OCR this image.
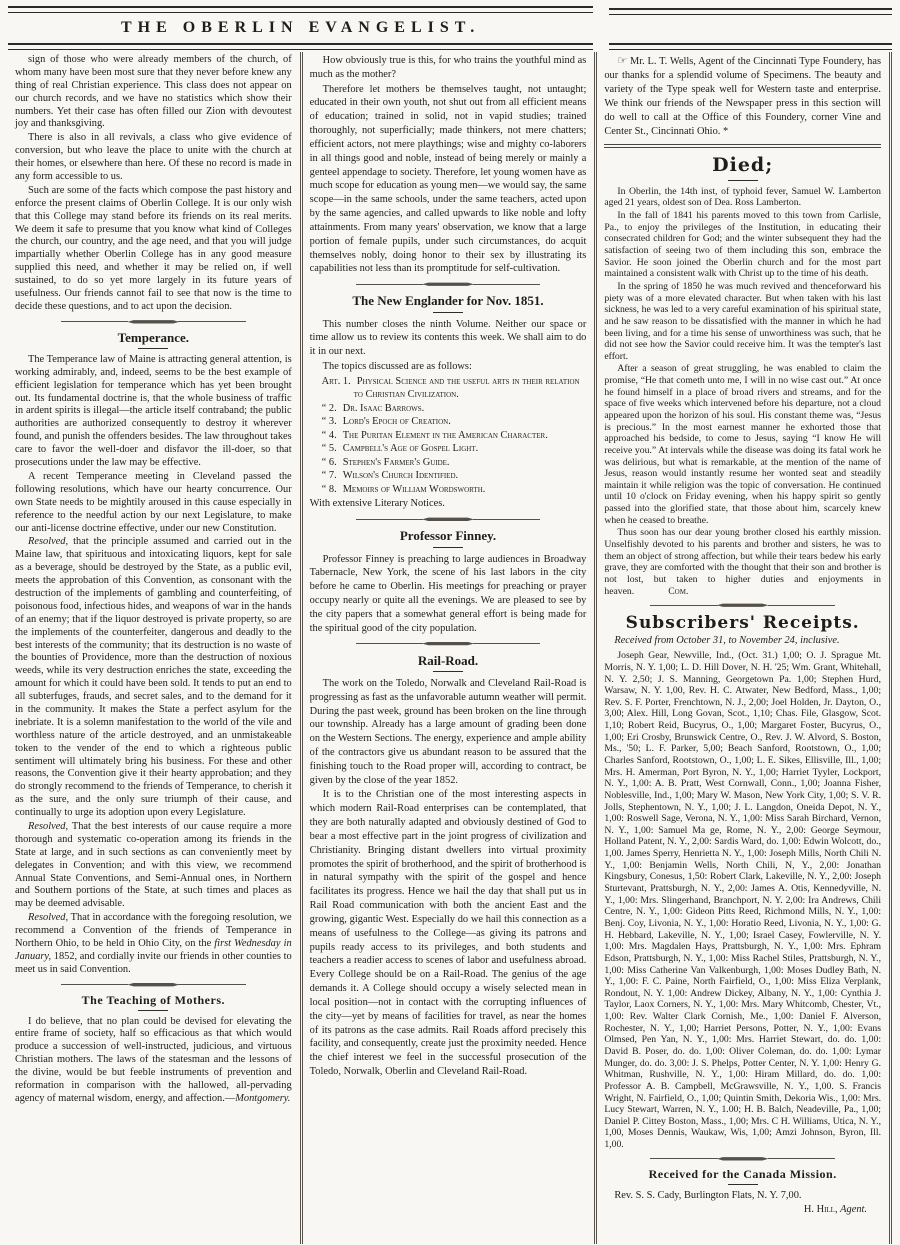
THE OBERLIN EVANGELIST.

sign of those who were already members of the church, of whom many have been most sure that they never before knew any thing of real Christian experience. This class does not appear on our church records, and we have no statistics which show their numbers. Yet their case has often filled our Zion with devoutest joy and thanksgiving.

There is also in all revivals, a class who give evidence of conversion, but who leave the place to unite with the church at their homes, or elsewhere than here. Of these no record is made in any form accessible to us.

Such are some of the facts which compose the past history and enforce the present claims of Oberlin College. It is our only wish that this College may stand before its friends on its real merits. We deem it safe to presume that you know what kind of Colleges the church, our country, and the age need, and that you will judge impartially whether Oberlin College has in any good measure supplied this need, and whether it may be relied on, if well sustained, to do so yet more largely in its future years of usefulness. Our friends cannot fail to see that now is the time to decide these questions, and to act upon the decision.

Temperance.

The Temperance law of Maine is attracting general attention, is working admirably, and, indeed, seems to be the best example of efficient legislation for temperance which has yet been brought out. Its fundamental doctrine is, that the whole business of traffic in ardent spirits is illegal—the article itself contraband; the public authorities are authorized consequently to destroy it wherever found, and punish the offenders besides. The law throughout takes care to favor the well-doer and disfavor the ill-doer, so that prosecutions under the law may be effective.

A recent Temperance meeting in Cleveland passed the following resolutions, which have our hearty concurrence. Our own State needs to be mightily aroused in this cause especially in reference to the needful action by our next Legislature, to make our anti-license doctrine effective, under our new Constitution.

Resolved, that the principle assumed and carried out in the Maine law, that spirituous and intoxicating liquors, kept for sale as a beverage, should be destroyed by the State, as a public evil, meets the approbation of this Convention, as consonant with the destruction of the implements of gambling and counterfeiting, of poisonous food, infectious hides, and weapons of war in the hands of an enemy; that if the liquor destroyed is private property, so are the implements of the counterfeiter, dangerous and deadly to the best interests of the community; that its destruction is no waste of the bounties of Providence, more than the destruction of noxious weeds, while its very destruction enriches the state, exceeding the amount for which it could have been sold. It tends to put an end to all subterfuges, frauds, and secret sales, and to the demand for it in the community. It makes the State a perfect asylum for the inebriate. It is a solemn manifestation to the world of the vile and worthless nature of the article destroyed, and an unmistakeable token to the vender of the end to which a righteous public sentiment will ultimately bring his business. For these and other reasons, the Convention give it their hearty approbation; and they do strongly recommend to the friends of Temperance, to cherish it as the sure, and the only sure triumph of their cause, and continually to urge its adoption upon every Legislature.

Resolved, That the best interests of our cause require a more thorough and systematic co-operation among its friends in the State at large, and in such sections as can conveniently meet by delegates in Convention; and with this view, we recommend Annual State Conventions, and Semi-Annual ones, in Northern and Southern portions of the State, at such times and places as may be deemed advisable.

Resolved, That in accordance with the foregoing resolution, we recommend a Convention of the friends of Temperance in Northern Ohio, to be held in Ohio City, on the first Wednesday in January, 1852, and cordially invite our friends in other counties to meet us in said Convention.

The Teaching of Mothers.

I do believe, that no plan could be devised for elevating the entire frame of society, half so efficacious as that which would produce a succession of well-instructed, judicious, and virtuous Christian mothers. The laws of the statesman and the lessons of the divine, would be but feeble instruments of prevention and reformation in comparison with the hallowed, all-pervading agency of maternal wisdom, energy, and affection.—Montgomery.

How obviously true is this, for who trains the youthful mind as much as the mother?

Therefore let mothers be themselves taught, not untaught; educated in their own youth, not shut out from all efficient means of education; trained in solid, not in vapid studies; trained thoroughly, not superficially; made thinkers, not mere chatters; efficient actors, not mere playthings; wise and mighty co-laborers in all things good and noble, instead of being merely or mainly a genteel appendage to society. Therefore, let young women have as much scope for education as young men—we would say, the same scope—in the same schools, under the same teachers, acted upon by the same agencies, and called upwards to like noble and lofty attainments. From many years' observation, we know that a large portion of female pupils, under such circumstances, do acquit themselves nobly, doing honor to their sex by illustrating its capabilities not less than its promptitude for self-cultivation.

The New Englander for Nov. 1851.

This number closes the ninth Volume. Neither our space or time allow us to review its contents this week. We shall aim to do it in our next.

The topics discussed are as follows:

Art. 1. Physical Science and the useful arts in their relation to Christian Civilization.
“ 2. Dr. Isaac Barrows.
“ 3. Lord's Epoch of Creation.
“ 4. The Puritan Element in the American Character.
“ 5. Campbell's Age of Gospel Light.
“ 6. Stephen's Farmer's Guide.
“ 7. Wilson's Church Identified.
“ 8. Memoirs of William Wordsworth.

With extensive Literary Notices.

Professor Finney.

Professor Finney is preaching to large audiences in Broadway Tabernacle, New York, the scene of his last labors in the city before he came to Oberlin. His meetings for preaching or prayer occupy nearly or quite all the evenings. We are pleased to see by the city papers that a somewhat general effort is being made for the spiritual good of the city population.

Rail-Road.

The work on the Toledo, Norwalk and Cleveland Rail-Road is progressing as fast as the unfavorable autumn weather will permit. During the past week, ground has been broken on the line through our township. Already has a large amount of grading been done on the Western Sections. The energy, experience and ample ability of the contractors give us abundant reason to be assured that the finishing touch to the Road proper will, according to contract, be given by the close of the year 1852.

It is to the Christian one of the most interesting aspects in which modern Rail-Road enterprises can be contemplated, that they are both naturally adapted and obviously destined of God to bear a most effective part in the joint progress of civilization and Christianity. Bringing distant dwellers into virtual proximity promotes the spirit of brotherhood, and the spirit of brotherhood is in natural sympathy with the spirit of the gospel and hence facilitates its progress. Hence we hail the day that shall put us in Rail Road communication with both the ancient East and the growing, gigantic West. Especially do we hail this connection as a means of usefulness to the College—as giving its patrons and pupils ready access to its privileges, and both students and teachers a readier access to scenes of labor and usefulness abroad. Every College should be on a Rail-Road. The genius of the age demands it. A College should occupy a wisely selected mean in local position—not in contact with the corrupting influences of the city—yet by means of facilities for travel, as near the homes of its patrons as the case admits. Rail Roads afford precisely this facility, and consequently, create just the proximity needed. Hence the chief interest we feel in the successful prosecution of the Toledo, Norwalk, Oberlin and Cleveland Rail-Road.

☞ Mr. L. T. Wells, Agent of the Cincinnati Type Foundery, has our thanks for a splendid volume of Specimens. The beauty and variety of the Type speak well for Western taste and enterprise. We think our friends of the Newspaper press in this section will do well to call at the Office of this Foundery, corner Vine and Center St., Cincinnati Ohio. *

Died;

In Oberlin, the 14th inst, of typhoid fever, Samuel W. Lamberton aged 21 years, oldest son of Dea. Ross Lamberton.

In the fall of 1841 his parents moved to this town from Carlisle, Pa., to enjoy the privileges of the Institution, in educating their consecrated children for God; and the winter subsequent they had the satisfaction of seeing two of them including this son, embrace the Savior. He soon joined the Oberlin church and for the most part maintained a consistent walk with Christ up to the time of his death.

In the spring of 1850 he was much revived and thenceforward his piety was of a more elevated character. But when taken with his last sickness, he was led to a very careful examination of his spiritual state, and he saw reason to be dissatisfied with the manner in which he had been living, and for a time his sense of unworthiness was such, that he did not see how the Savior could receive him. It was the tempter's last effort.

After a season of great struggling, he was enabled to claim the promise, “He that cometh unto me, I will in no wise cast out.” At once he found himself in a place of broad rivers and streams, and for the space of five weeks which intervened before his departure, not a cloud appeared upon the horizon of his soul. His constant theme was, “Jesus is precious.” In the most earnest manner he exhorted those that approached his bedside, to come to Jesus, saying “I know He will receive you.” At intervals while the disease was doing its fatal work he was delirious, but what is remarkable, at the mention of the name of Jesus, reason would instantly resume her wonted seat and steadily maintain it while religion was the topic of conversation. He continued until 10 o'clock on Friday evening, when his happy spirit so gently passed into the glorified state, that those about him, scarcely knew when he ceased to breathe.

Thus soon has our dear young brother closed his earthly mission. Unselfishly devoted to his parents and brother and sisters, he was to them an object of strong affection, but while their tears bedew his early grave, they are comforted with the thought that their son and brother is not lost, but taken to higher duties and enjoyments in heaven.	Com.

Subscribers' Receipts.

Received from October 31, to November 24, inclusive.

Joseph Gear, Newville, Ind., (Oct. 31.) 1,00; O. J. Sprague Mt. Morris, N. Y. 1,00; L. D. Hill Dover, N. H. '25; Wm. Grant, Whitehall, N. Y. 2,50; J. S. Manning, Georgetown Pa. 1,00; Stephen Hurd, Warsaw, N. Y. 1,00, Rev. H. C. Atwater, New Bedford, Mass., 1,00; Rev. S. F. Porter, Frenchtown, N. J., 2,00; Joel Holden, Jr. Dayton, O., 3,00; Alex. Hill, Long Govan, Scot., 1,10; Chas. File, Glasgow, Scot. 1,10; Robert Reid, Bucyrus, O., 1,00; Margaret Foster, Bucyrus, O., 1,00; Eri Crosby, Brunswick Centre, O., Rev. J. W. Alvord, S. Boston, Ms., '50; L. F. Parker, 5,00; Beach Sanford, Rootstown, O., 1,00; Charles Sanford, Rootstown, O., 1,00; L. E. Sikes, Ellisville, Ill., 1,00; Mrs. H. Amerman, Port Byron, N. Y., 1,00; Harriet Tyyler, Lockport, N. Y., 1,00: A. B. Pratt, West Cornwall, Conn., 1,00; Joanna Fisher, Noblesville, Ind., 1,00; Mary W. Mason, New York City, 1,00; S. V. R. Jolls, Stephentown, N. Y., 1,00; J. L. Langdon, Oneida Depot, N. Y., 1,00: Roswell Sage, Verona, N. Y., 1,00: Miss Sarah Birchard, Vernon, N. Y., 1,00: Samuel Ma ge, Rome, N. Y., 2,00: George Seymour, Holland Patent, N. Y., 2,00: Sardis Ward, do. 1,00: Edwin Wolcott, do., 1,00. James Sperry, Henrietta N. Y., 1,00: Joseph Mills, North Chili N. Y., 1,00: Benjamin Wells, North Chili, N, Y., 2,00: Jonathan Kingsbury, Conesus, 1,50: Robert Clark, Lakeville, N. Y., 2,00: Joseph Sturtevant, Prattsburgh, N. Y., 2,00: James A. Otis, Kennedyville, N. Y., 1,00: Mrs. Slingerhand, Branchport, N. Y. 2,00: Ira Andrews, Chili Centre, N. Y., 1,00: Gideon Pitts Reed, Richmond Mills, N. Y., 1,00: Benj. Coy, Livonia, N. Y., 1,00: Horatio Reed, Livonia, N. Y., 1,00: G. H. Hebbard, Lakeville, N. Y., 1,00; Israel Casey, Fowlerville, N. Y. 1,00: Mrs. Magdalen Hays, Prattsburgh, N. Y., 1,00: Mrs. Ephram Edson, Prattsburgh, N. Y., 1,00: Miss Rachel Stiles, Prattsburgh, N. Y., 1,00: Miss Catherine Van Valkenburgh, 1,00: Moses Dudley Bath, N. Y., 1,00: F. C. Paine, North Fairfield, O., 1,00: Miss Eliza Verplank, Rondout, N. Y. 1,00: Andrew Dickey, Albany, N. Y., 1,00: Cynthia J. Taylor, Laox Corners, N. Y., 1,00: Mrs. Mary Whitcomb, Chester, Vt., 1,00: Rev. Walter Clark Cornish, Me., 1,00: Daniel F. Alverson, Rochester, N. Y., 1,00; Harriet Persons, Potter, N. Y., 1,00: Evans Olmsed, Pen Yan, N. Y., 1,00: Mrs. Harriet Stewart, do. do. 1,00: David B. Poser, do. do. 1,00: Oliver Coleman, do. do. 1,00: Lymar Munger, do. do. 3,00: J. S. Phelps, Potter Center, N. Y. 1,00: Henry G. Whitman, Rushville, N. Y., 1,00: Hiram Millard, do. do. 1,00: Professor A. B. Campbell, McGrawsville, N. Y., 1,00. S. Francis Wright, N. Fairfield, O., 1,00; Quintin Smith, Dekoria Wis., 1,00: Mrs. Lucy Stewart, Warren, N. Y., 1.00; H. B. Balch, Neadeville, Pa., 1,00; Daniel P. Cittey Boston, Mass., 1,00; Mrs. C H. Williams, Utica, N. Y., 1,00, Moses Dennis, Waukaw, Wis, 1,00; Amzi Johnson, Byron, Ill. 1,00.

Received for the Canada Mission.

Rev. S. S. Cady, Burlington Flats, N. Y. 7,00.

H. Hill, Agent.
